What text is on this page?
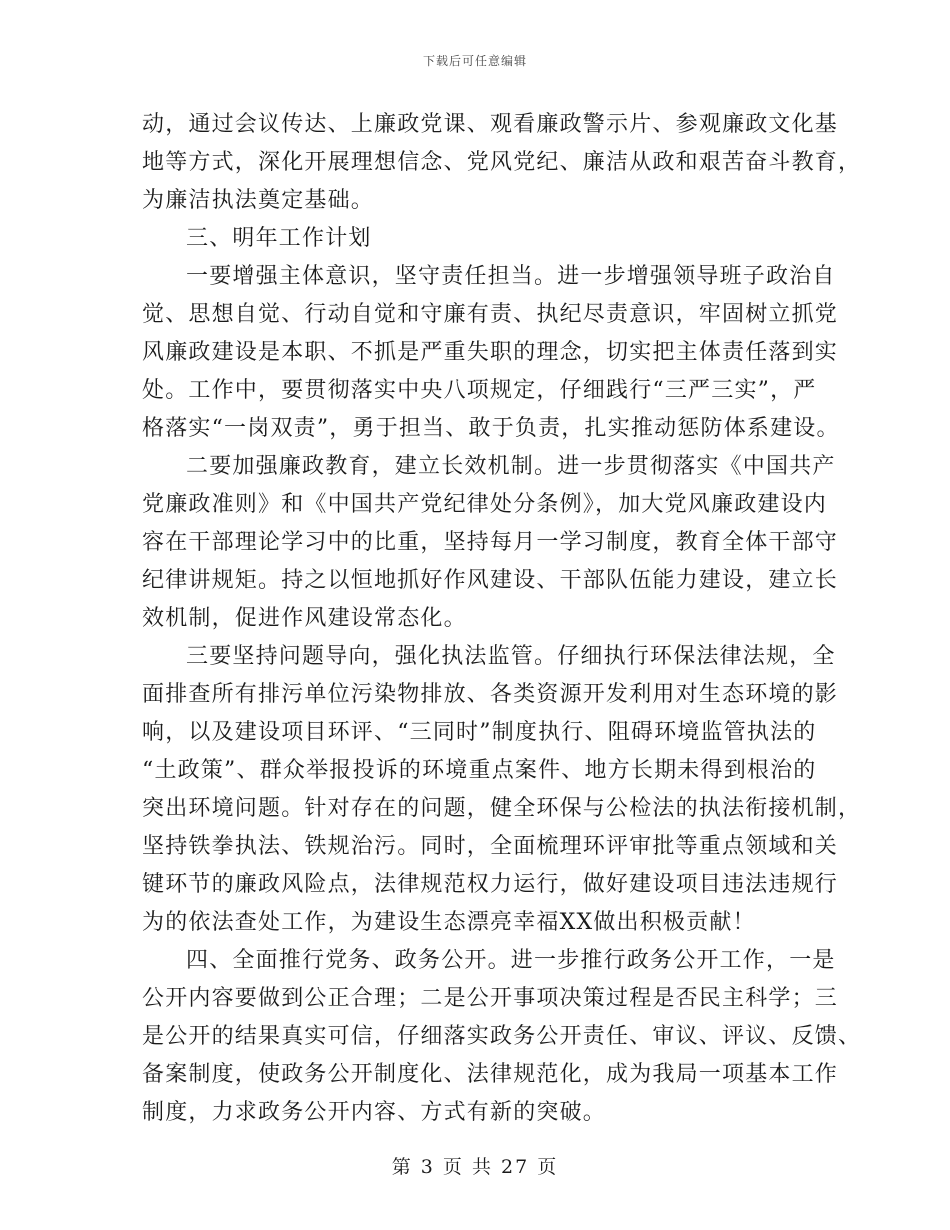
下载后可任意编辑
动，通过会议传达、上廉政党课、观看廉政警示片、参观廉政文化基
地等方式，深化开展理想信念、党风党纪、廉洁从政和艰苦奋斗教育，
为廉洁执法奠定基础。
三、明年工作计划
一要增强主体意识，坚守责任担当。进一步增强领导班子政治自
觉、思想自觉、行动自觉和守廉有责、执纪尽责意识，牢固树立抓党
风廉政建设是本职、不抓是严重失职的理念，切实把主体责任落到实
处。工作中，要贯彻落实中央八项规定，仔细践行“三严三实”，严
格落实“一岗双责”，勇于担当、敢于负责，扎实推动惩防体系建设。
二要加强廉政教育，建立长效机制。进一步贯彻落实《中国共产
党廉政准则》和《中国共产党纪律处分条例》，加大党风廉政建设内
容在干部理论学习中的比重，坚持每月一学习制度，教育全体干部守
纪律讲规矩。持之以恒地抓好作风建设、干部队伍能力建设，建立长
效机制，促进作风建设常态化。
三要坚持问题导向，强化执法监管。仔细执行环保法律法规，全
面排查所有排污单位污染物排放、各类资源开发利用对生态环境的影
响，以及建设项目环评、“三同时”制度执行、阻碍环境监管执法的
“土政策”、群众举报投诉的环境重点案件、地方长期未得到根治的
突出环境问题。针对存在的问题，健全环保与公检法的执法衔接机制，
坚持铁拳执法、铁规治污。同时，全面梳理环评审批等重点领域和关
键环节的廉政风险点，法律规范权力运行，做好建设项目违法违规行
为的依法查处工作，为建设生态漂亮幸福XX做出积极贡献！
四、全面推行党务、政务公开。进一步推行政务公开工作，一是
公开内容要做到公正合理；二是公开事项决策过程是否民主科学；三
是公开的结果真实可信，仔细落实政务公开责任、审议、评议、反馈、
备案制度，使政务公开制度化、法律规范化，成为我局一项基本工作
制度，力求政务公开内容、方式有新的突破。
第 3 页 共 27 页
